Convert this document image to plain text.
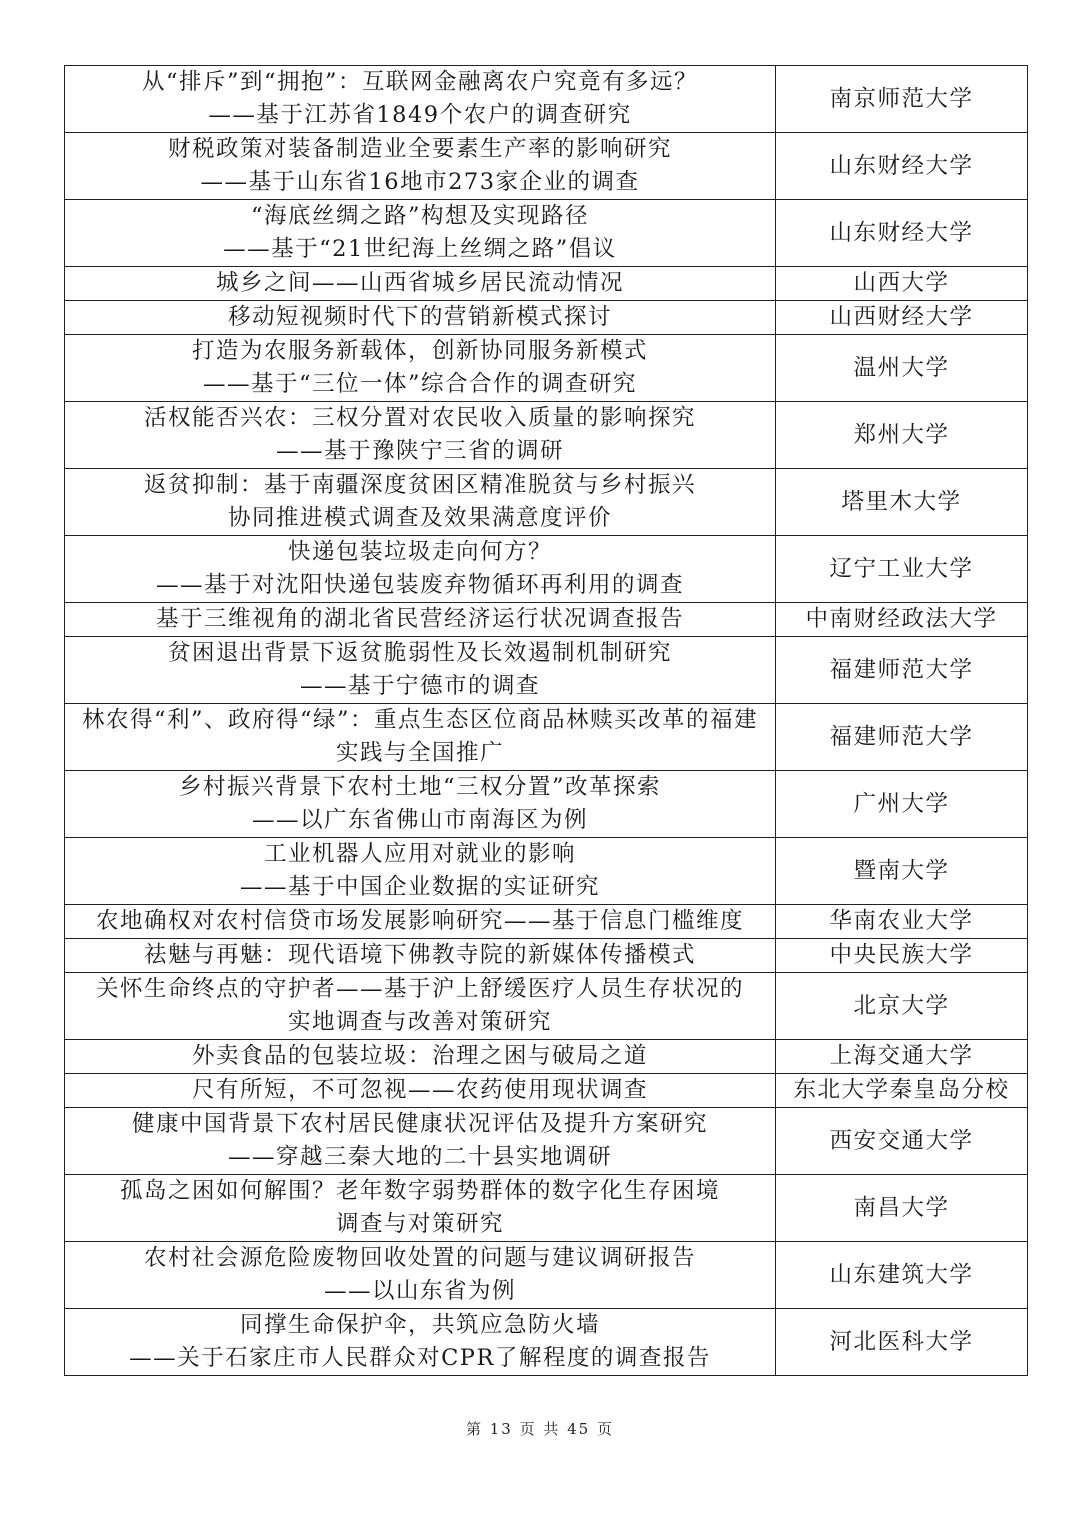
从“排斥”到“拥抱”：互联网金融离农户究竟有多远？
——基于江苏省1849个农户的调查研究	南京师范大学

财税政策对装备制造业全要素生产率的影响研究
——基于山东省16地市273家企业的调查	山东财经大学

“海底丝绸之路”构想及实现路径
——基于“21世纪海上丝绸之路”倡议	山东财经大学

城乡之间——山西省城乡居民流动情况	山西大学

移动短视频时代下的营销新模式探讨	山西财经大学

打造为农服务新载体，创新协同服务新模式
——基于“三位一体”综合合作的调查研究	温州大学

活权能否兴农：三权分置对农民收入质量的影响探究
——基于豫陕宁三省的调研	郑州大学

返贫抑制：基于南疆深度贫困区精准脱贫与乡村振兴
协同推进模式调查及效果满意度评价	塔里木大学

快递包装垃圾走向何方？
——基于对沈阳快递包装废弃物循环再利用的调查	辽宁工业大学

基于三维视角的湖北省民营经济运行状况调查报告	中南财经政法大学

贫困退出背景下返贫脆弱性及长效遏制机制研究
——基于宁德市的调查	福建师范大学

林农得“利”、政府得“绿”：重点生态区位商品林赎买改革的福建
实践与全国推广	福建师范大学

乡村振兴背景下农村土地“三权分置”改革探索
——以广东省佛山市南海区为例	广州大学

工业机器人应用对就业的影响
——基于中国企业数据的实证研究	暨南大学

农地确权对农村信贷市场发展影响研究——基于信息门槛维度	华南农业大学

祛魅与再魅：现代语境下佛教寺院的新媒体传播模式	中央民族大学

关怀生命终点的守护者——基于沪上舒缓医疗人员生存状况的
实地调查与改善对策研究	北京大学

外卖食品的包装垃圾：治理之困与破局之道	上海交通大学

尺有所短，不可忽视——农药使用现状调查	东北大学秦皇岛分校

健康中国背景下农村居民健康状况评估及提升方案研究
——穿越三秦大地的二十县实地调研	西安交通大学

孤岛之困如何解围？老年数字弱势群体的数字化生存困境
调查与对策研究	南昌大学

农村社会源危险废物回收处置的问题与建议调研报告
——以山东省为例	山东建筑大学

同撑生命保护伞，共筑应急防火墙
——关于石家庄市人民群众对CPR了解程度的调查报告	河北医科大学
第 13 页 共 45 页
